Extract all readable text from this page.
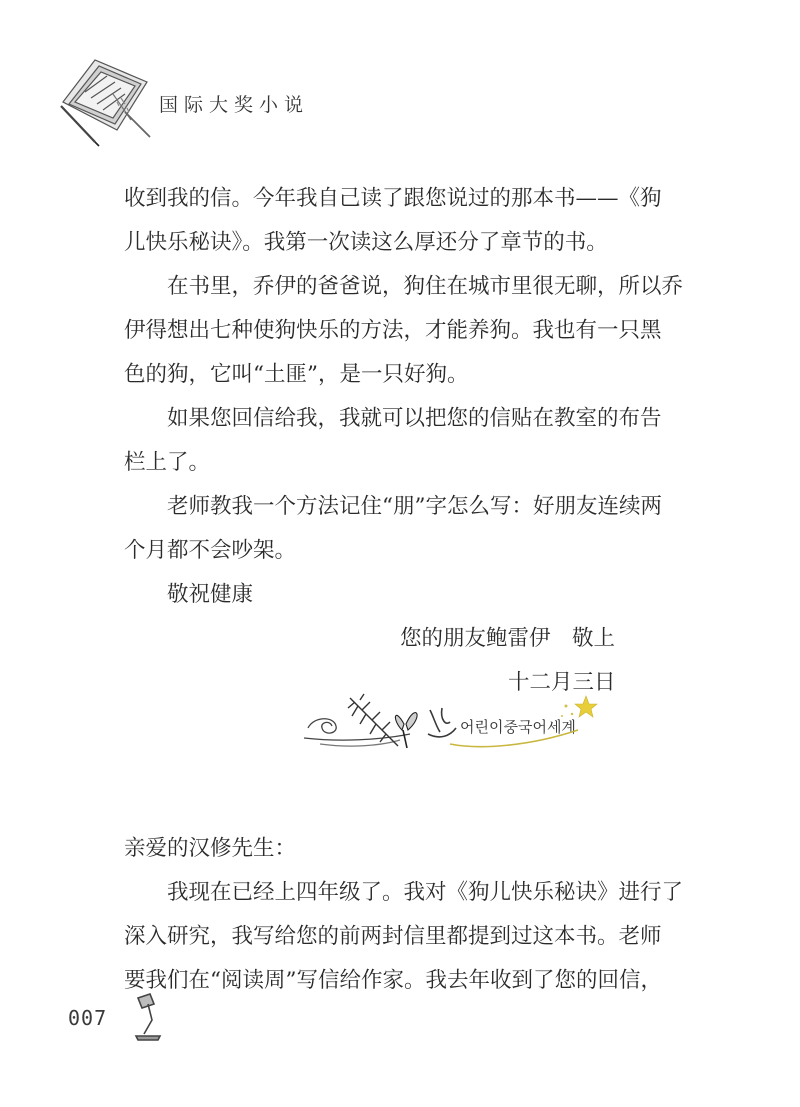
国际大奖小说
收到我的信。今年我自己读了跟您说过的那本书——《狗
儿快乐秘诀》。我第一次读这么厚还分了章节的书。
　　在书里，乔伊的爸爸说，狗住在城市里很无聊，所以乔
伊得想出七种使狗快乐的方法，才能养狗。我也有一只黑
色的狗，它叫“土匪”，是一只好狗。
　　如果您回信给我，我就可以把您的信贴在教室的布告
栏上了。
　　老师教我一个方法记住“朋”字怎么写：好朋友连续两
个月都不会吵架。
　　敬祝健康
您的朋友鲍雷伊　敬上
十二月三日
亲爱的汉修先生：
　　我现在已经上四年级了。我对《狗儿快乐秘诀》进行了
深入研究，我写给您的前两封信里都提到过这本书。老师
要我们在“阅读周”写信给作家。我去年收到了您的回信，
어린이중국어세계
산윤
007
